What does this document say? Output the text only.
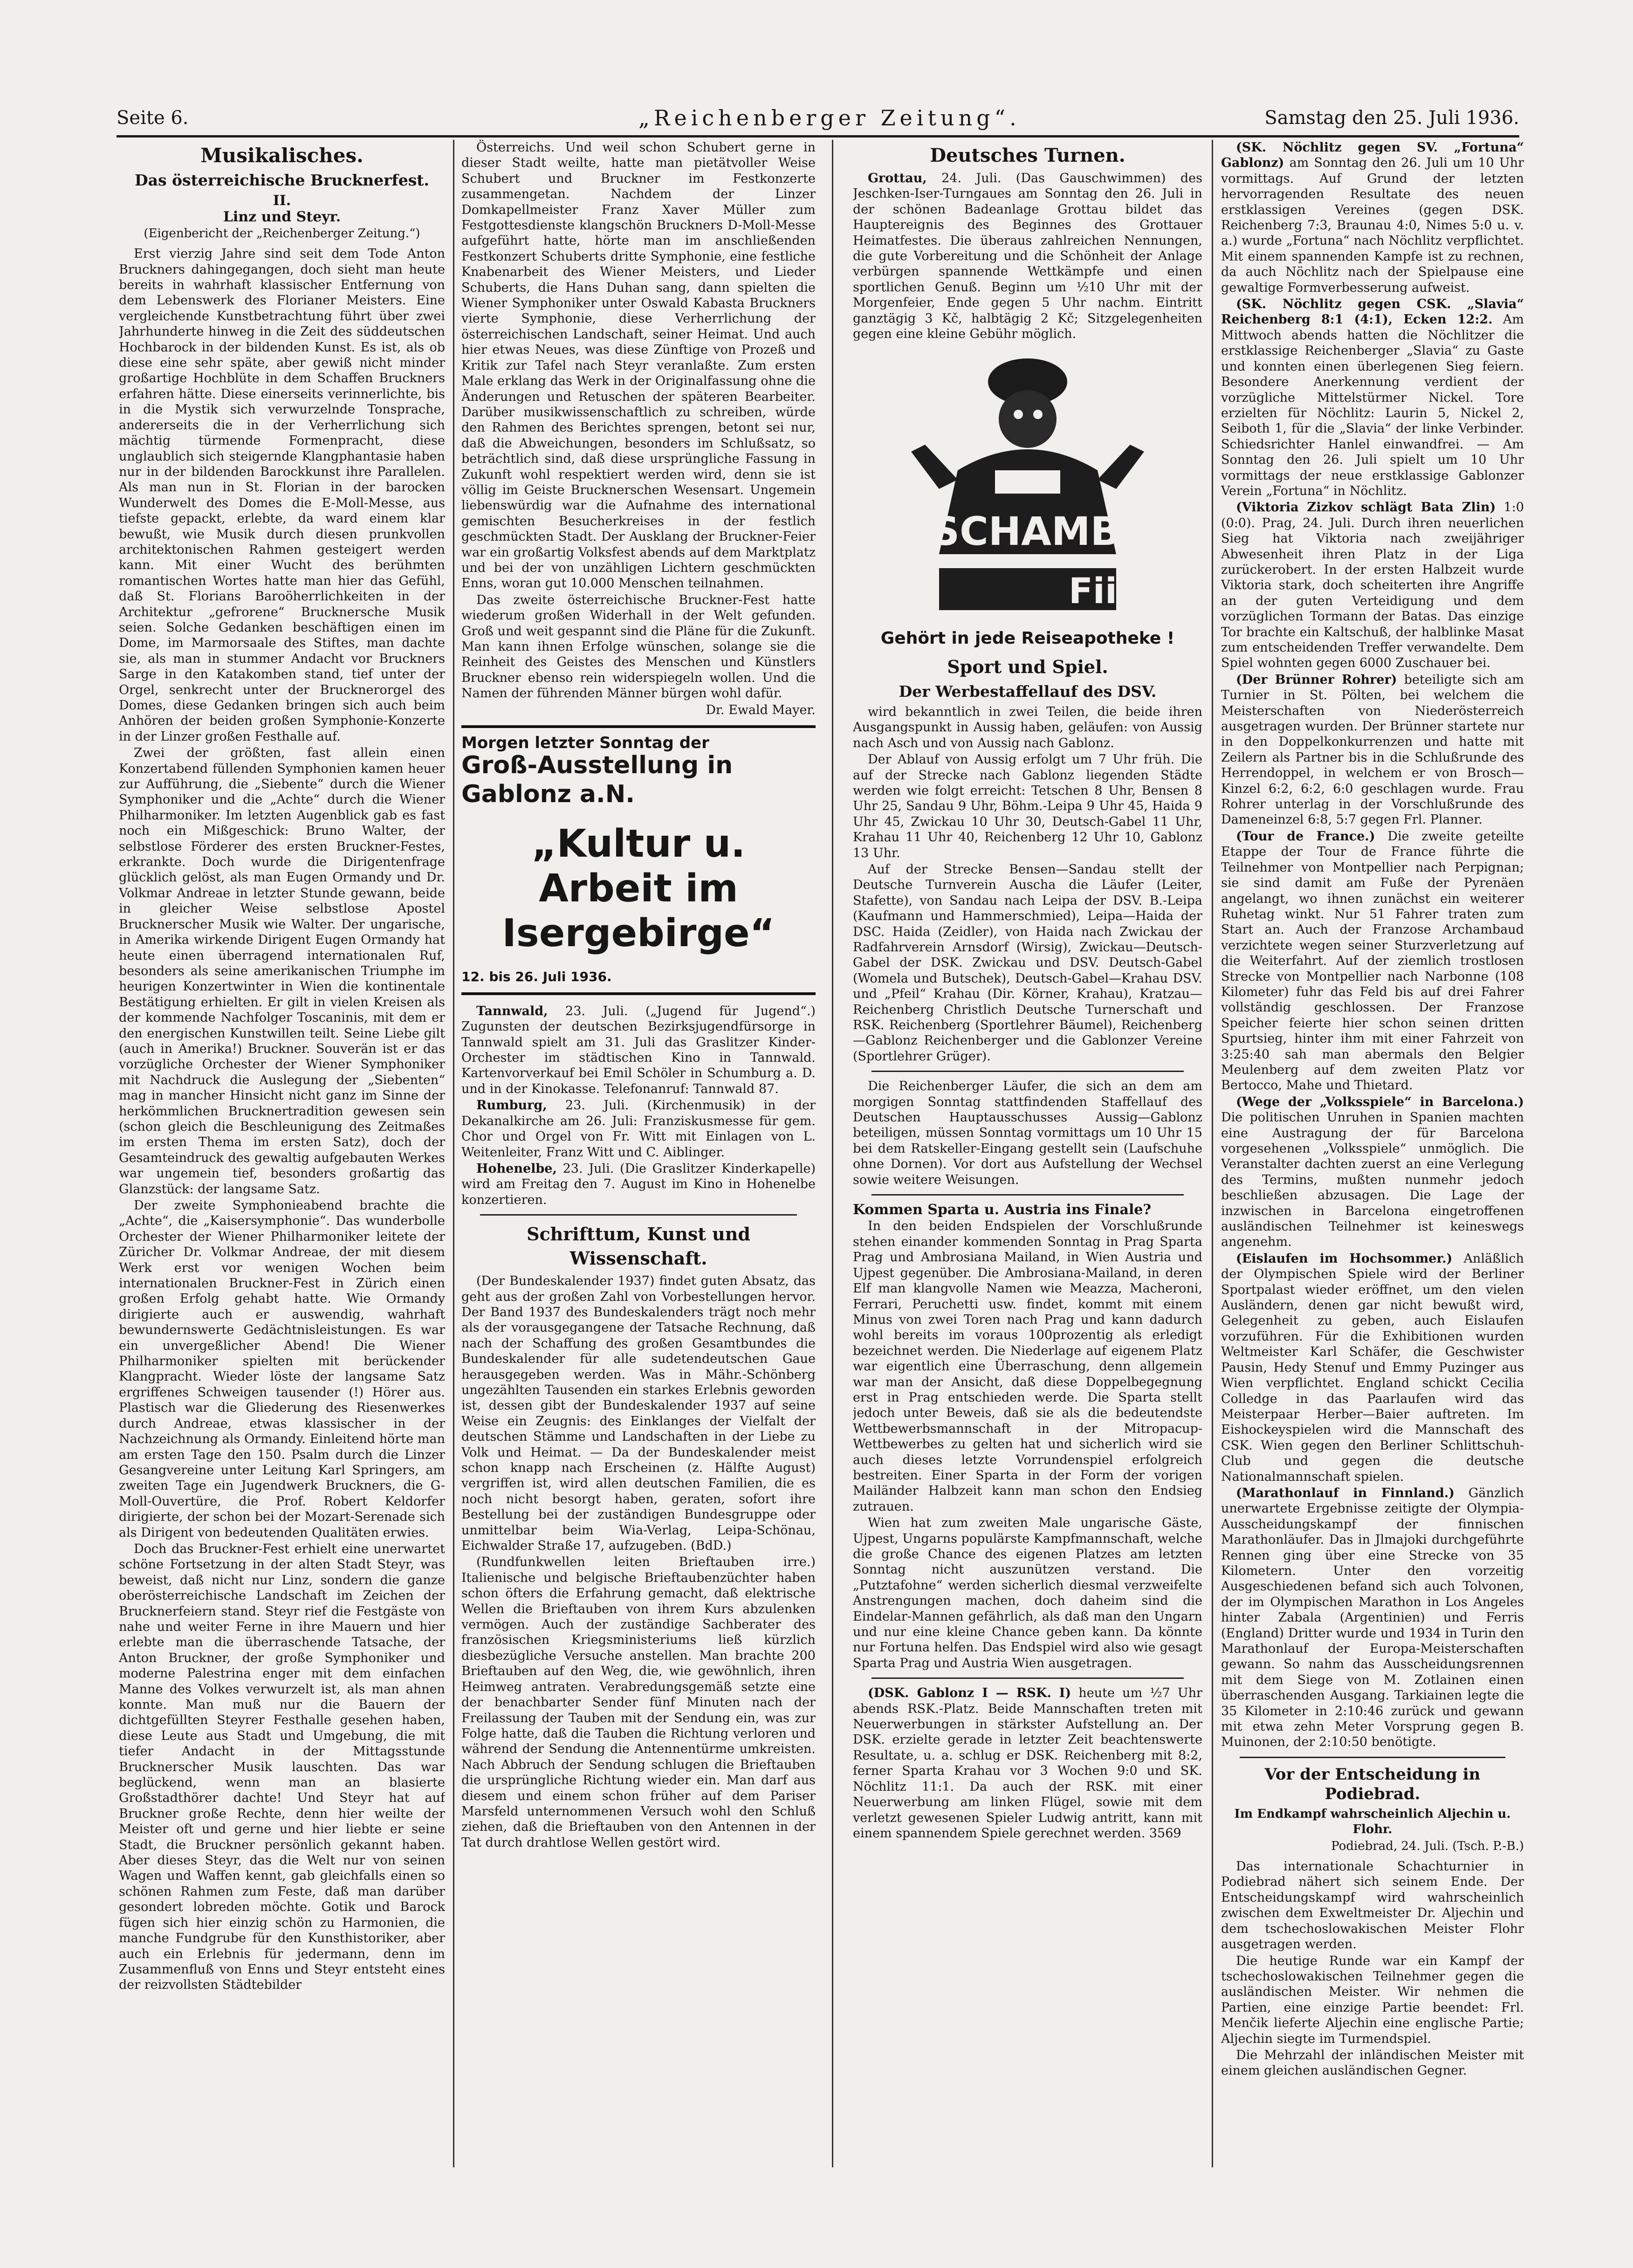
Seite 6.	„Reichenberger Zeitung“.	Samstag den 25. Juli 1936.
Musikalisches.
Das österreichische Brucknerfest.
II.
Linz und Steyr.
(Eigenbericht der „Reichenberger Zeitung.“)

Erst vierzig Jahre sind seit dem Tode Anton Bruckners dahingegangen, doch sieht man heute bereits in wahrhaft klassischer Entfernung von dem Lebenswerk des Florianer Meisters. Eine vergleichende Kunstbetrachtung führt über zwei Jahrhunderte hinweg in die Zeit des süddeutschen Hochbarock in der bildenden Kunst. Es ist, als ob diese eine sehr späte, aber gewiß nicht minder großartige Hochblüte in dem Schaffen Bruckners erfahren hätte. Diese einerseits verinnerlichte, bis in die Mystik sich verwurzelnde Tonsprache, andererseits die in der Verherrlichung sich mächtig türmende Formenpracht, diese unglaublich sich steigernde Klangphantasie haben nur in der bildenden Barockkunst ihre Parallelen. Als man nun in St. Florian in der barocken Wunderwelt des Domes die E-Moll-Messe, aus tiefste gepackt, erlebte, da ward einem klar bewußt, wie Musik durch diesen prunkvollen architektonischen Rahmen gesteigert werden kann. Mit einer Wucht des berühmten romantischen Wortes hatte man hier das Gefühl, daß St. Florians Baroöherrlichkeiten in der Architektur „gefrorene“ Brucknersche Musik seien. Solche Gedanken beschäftigen einen im Dome, im Marmorsaale des Stiftes, man dachte sie, als man in stummer Andacht vor Bruckners Sarge in den Katakomben stand, tief unter der Orgel, senkrecht unter der Brucknerorgel des Domes, diese Gedanken bringen sich auch beim Anhören der beiden großen Symphonie-Konzerte in der Linzer großen Festhalle auf.

Zwei der größten, fast allein einen Konzertabend füllenden Symphonien kamen heuer zur Aufführung, die „Siebente“ durch die Wiener Symphoniker und die „Achte“ durch die Wiener Philharmoniker. Im letzten Augenblick gab es fast noch ein Mißgeschick: Bruno Walter, der selbstlose Förderer des ersten Bruckner-Festes, erkrankte. Doch wurde die Dirigentenfrage glücklich gelöst, als man Eugen Ormandy und Dr. Volkmar Andreae in letzter Stunde gewann, beide in gleicher Weise selbstlose Apostel Brucknerscher Musik wie Walter. Der ungarische, in Amerika wirkende Dirigent Eugen Ormandy hat heute einen überragend internationalen Ruf, besonders als seine amerikanischen Triumphe im heurigen Konzertwinter in Wien die kontinentale Bestätigung erhielten. Er gilt in vielen Kreisen als der kommende Nachfolger Toscaninis, mit dem er den energischen Kunstwillen teilt. Seine Liebe gilt (auch in Amerika!) Bruckner. Souverän ist er das vorzügliche Orchester der Wiener Symphoniker mit Nachdruck die Auslegung der „Siebenten“ mag in mancher Hinsicht nicht ganz im Sinne der herkömmlichen Brucknertradition gewesen sein (schon gleich die Beschleunigung des Zeitmaßes im ersten Thema im ersten Satz), doch der Gesamteindruck des gewaltig aufgebauten Werkes war ungemein tief, besonders großartig das Glanzstück: der langsame Satz.

Der zweite Symphonieabend brachte die „Achte“, die „Kaisersymphonie“. Das wunderbolle Orchester der Wiener Philharmoniker leitete der Züricher Dr. Volkmar Andreae, der mit diesem Werk erst vor wenigen Wochen beim internationalen Bruckner-Fest in Zürich einen großen Erfolg gehabt hatte. Wie Ormandy dirigierte auch er auswendig, wahrhaft bewundernswerte Gedächtnisleistungen. Es war ein unvergeßlicher Abend! Die Wiener Philharmoniker spielten mit berückender Klangpracht. Wieder löste der langsame Satz ergriffenes Schweigen tausender (!) Hörer aus. Plastisch war die Gliederung des Riesenwerkes durch Andreae, etwas klassischer in der Nachzeichnung als Ormandy. Einleitend hörte man am ersten Tage den 150. Psalm durch die Linzer Gesangvereine unter Leitung Karl Springers, am zweiten Tage ein Jugendwerk Bruckners, die G-Moll-Ouvertüre, die Prof. Robert Keldorfer dirigierte, der schon bei der Mozart-Serenade sich als Dirigent von bedeutenden Qualitäten erwies.

Doch das Bruckner-Fest erhielt eine unerwartet schöne Fortsetzung in der alten Stadt Steyr, was beweist, daß nicht nur Linz, sondern die ganze oberösterreichische Landschaft im Zeichen der Brucknerfeiern stand. Steyr rief die Festgäste von nahe und weiter Ferne in ihre Mauern und hier erlebte man die überraschende Tatsache, der Anton Bruckner, der große Symphoniker und moderne Palestrina enger mit dem einfachen Manne des Volkes verwurzelt ist, als man ahnen konnte. Man muß nur die Bauern der dichtgefüllten Steyrer Festhalle gesehen haben, diese Leute aus Stadt und Umgebung, die mit tiefer Andacht in der Mittagsstunde Brucknerscher Musik lauschten. Das war beglückend, wenn man an blasierte Großstadthörer dachte! Und Steyr hat auf Bruckner große Rechte, denn hier weilte der Meister oft und gerne und hier liebte er seine Stadt, die Bruckner persönlich gekannt haben. Aber dieses Steyr, das die Welt nur von seinen Wagen und Waffen kennt, gab gleichfalls einen so schönen Rahmen zum Feste, daß man darüber gesondert lobreden möchte. Gotik und Barock fügen sich hier einzig schön zu Harmonien, die manche Fundgrube für den Kunsthistoriker, aber auch ein Erlebnis für jedermann, denn im Zusammenfluß von Enns und Steyr entsteht eines der reizvollsten Städtebilder

Österreichs. Und weil schon Schubert gerne in dieser Stadt weilte, hatte man pietätvoller Weise Schubert und Bruckner im Festkonzerte zusammengetan. Nachdem der Linzer Domkapellmeister Franz Xaver Müller zum Festgottesdienste klangschön Bruckners D-Moll-Messe aufgeführt hatte, hörte man im anschließenden Festkonzert Schuberts dritte Symphonie, eine festliche Knabenarbeit des Wiener Meisters, und Lieder Schuberts, die Hans Duhan sang, dann spielten die Wiener Symphoniker unter Oswald Kabasta Bruckners vierte Symphonie, diese Verherrlichung der österreichischen Landschaft, seiner Heimat. Und auch hier etwas Neues, was diese Zünftige von Prozeß und Kritik zur Tafel nach Steyr veranlaßte. Zum ersten Male erklang das Werk in der Originalfassung ohne die Änderungen und Retuschen der späteren Bearbeiter. Darüber musikwissenschaftlich zu schreiben, würde den Rahmen des Berichtes sprengen, betont sei nur, daß die Abweichungen, besonders im Schlußsatz, so beträchtlich sind, daß diese ursprüngliche Fassung in Zukunft wohl respektiert werden wird, denn sie ist völlig im Geiste Brucknerschen Wesensart. Ungemein liebenswürdig war die Aufnahme des international gemischten Besucherkreises in der festlich geschmückten Stadt. Der Ausklang der Bruckner-Feier war ein großartig Volksfest abends auf dem Marktplatz und bei der von unzähligen Lichtern geschmückten Enns, woran gut 10.000 Menschen teilnahmen.

Das zweite österreichische Bruckner-Fest hatte wiederum großen Widerhall in der Welt gefunden. Groß und weit gespannt sind die Pläne für die Zukunft. Man kann ihnen Erfolge wünschen, solange sie die Reinheit des Geistes des Menschen und Künstlers Bruckner ebenso rein widerspiegeln wollen. Und die Namen der führenden Männer bürgen wohl dafür.

Dr. Ewald Mayer.
Morgen letzter Sonntag der
Groß-Ausstellung in Gablonz a.N.
„Kultur u. Arbeit im Isergebirge“
12. bis 26. Juli 1936.

Tannwald, 23. Juli. („Jugend für Jugend“.) Zugunsten der deutschen Bezirksjugendfürsorge in Tannwald spielt am 31. Juli das Graslitzer Kinder-Orchester im städtischen Kino in Tannwald. Kartenvorverkauf bei Emil Schöler in Schumburg a. D. und in der Kinokasse. Telefonanruf: Tannwald 87.

Rumburg, 23. Juli. (Kirchenmusik) in der Dekanalkirche am 26. Juli: Franziskusmesse für gem. Chor und Orgel von Fr. Witt mit Einlagen von L. Weitenleiter, Franz Witt und C. Aiblinger.

Hohenelbe, 23. Juli. (Die Graslitzer Kinderkapelle) wird am Freitag den 7. August im Kino in Hohenelbe konzertieren.

Schrifttum, Kunst und Wissenschaft.

(Der Bundeskalender 1937) findet guten Absatz, das geht aus der großen Zahl von Vorbestellungen hervor. Der Band 1937 des Bundeskalenders trägt noch mehr als der vorausgegangene der Tatsache Rechnung, daß nach der Schaffung des großen Gesamtbundes die Bundeskalender für alle sudetendeutschen Gaue herausgegeben werden. Was in Mähr.-Schönberg ungezählten Tausenden ein starkes Erlebnis geworden ist, dessen gibt der Bundeskalender 1937 auf seine Weise ein Zeugnis: des Einklanges der Vielfalt der deutschen Stämme und Landschaften in der Liebe zu Volk und Heimat. — Da der Bundeskalender meist schon knapp nach Erscheinen (z. Hälfte August) vergriffen ist, wird allen deutschen Familien, die es noch nicht besorgt haben, geraten, sofort ihre Bestellung bei der zuständigen Bundesgruppe oder unmittelbar beim Wia-Verlag, Leipa-Schönau, Eichwalder Straße 17, aufzugeben. (BdD.)

(Rundfunkwellen leiten Brieftauben irre.) Italienische und belgische Brieftaubenzüchter haben schon öfters die Erfahrung gemacht, daß elektrische Wellen die Brieftauben von ihrem Kurs abzulenken vermögen. Auch der zuständige Sachberater des französischen Kriegsministeriums ließ kürzlich diesbezügliche Versuche anstellen. Man brachte 200 Brieftauben auf den Weg, die, wie gewöhnlich, ihren Heimweg antraten. Verabredungsgemäß setzte eine der benachbarter Sender fünf Minuten nach der Freilassung der Tauben mit der Sendung ein, was zur Folge hatte, daß die Tauben die Richtung verloren und während der Sendung die Antennentürme umkreisten. Nach Abbruch der Sendung schlugen die Brieftauben die ursprüngliche Richtung wieder ein. Man darf aus diesem und einem schon früher auf dem Pariser Marsfeld unternommenen Versuch wohl den Schluß ziehen, daß die Brieftauben von den Antennen in der Tat durch drahtlose Wellen gestört wird.

Deutsches Turnen.

Grottau, 24. Juli. (Das Gauschwimmen) des Jeschken-Iser-Turngaues am Sonntag den 26. Juli in der schönen Badeanlage Grottau bildet das Hauptereignis des Beginnes des Grottauer Heimatfestes. Die überaus zahlreichen Nennungen, die gute Vorbereitung und die Schönheit der Anlage verbürgen spannende Wettkämpfe und einen sportlichen Genuß. Beginn um ½10 Uhr mit der Morgenfeier, Ende gegen 5 Uhr nachm. Eintritt ganztägig 3 Kč, halbtägig 2 Kč; Sitzgelegenheiten gegen eine kleine Gebühr möglich.

TSCHAMBA
Fii
Gehört in jede Reiseapotheke !
Sport und Spiel.
Der Werbestaffellauf des DSV.

wird bekanntlich in zwei Teilen, die beide ihren Ausgangspunkt in Aussig haben, geläufen: von Aussig nach Asch und von Aussig nach Gablonz.

Der Ablauf von Aussig erfolgt um 7 Uhr früh. Die auf der Strecke nach Gablonz liegenden Städte werden wie folgt erreicht: Tetschen 8 Uhr, Bensen 8 Uhr 25, Sandau 9 Uhr, Böhm.-Leipa 9 Uhr 45, Haida 9 Uhr 45, Zwickau 10 Uhr 30, Deutsch-Gabel 11 Uhr, Krahau 11 Uhr 40, Reichenberg 12 Uhr 10, Gablonz 13 Uhr.

Auf der Strecke Bensen—Sandau stellt der Deutsche Turnverein Auscha die Läufer (Leiter, Stafette), von Sandau nach Leipa der DSV. B.-Leipa (Kaufmann und Hammerschmied), Leipa—Haida der DSC. Haida (Zeidler), von Haida nach Zwickau der Radfahrverein Arnsdorf (Wirsig), Zwickau—Deutsch-Gabel der DSK. Zwickau und DSV. Deutsch-Gabel (Womela und Butschek), Deutsch-Gabel—Krahau DSV. und „Pfeil“ Krahau (Dir. Körner, Krahau), Kratzau—Reichenberg Christlich Deutsche Turnerschaft und RSK. Reichenberg (Sportlehrer Bäumel), Reichenberg—Gablonz Reichenberger und die Gablonzer Vereine (Sportlehrer Grüger).

Die Reichenberger Läufer, die sich an dem am morgigen Sonntag stattfindenden Staffellauf des Deutschen Hauptausschusses Aussig—Gablonz beteiligen, müssen Sonntag vormittags um 10 Uhr 15 bei dem Ratskeller-Eingang gestellt sein (Laufschuhe ohne Dornen). Vor dort aus Aufstellung der Wechsel sowie weitere Weisungen.

Kommen Sparta u. Austria ins Finale?

In den beiden Endspielen der Vorschlußrunde stehen einander kommenden Sonntag in Prag Sparta Prag und Ambrosiana Mailand, in Wien Austria und Ujpest gegenüber. Die Ambrosiana-Mailand, in deren Elf man klangvolle Namen wie Meazza, Macheroni, Ferrari, Peruchetti usw. findet, kommt mit einem Minus von zwei Toren nach Prag und kann dadurch wohl bereits im voraus 100prozentig als erledigt bezeichnet werden. Die Niederlage auf eigenem Platz war eigentlich eine Überraschung, denn allgemein war man der Ansicht, daß diese Doppelbegegnung erst in Prag entschieden werde. Die Sparta stellt jedoch unter Beweis, daß sie als die bedeutendste Wettbewerbsmannschaft in der Mitropacup-Wettbewerbes zu gelten hat und sicherlich wird sie auch dieses letzte Vorrundenspiel erfolgreich bestreiten. Einer Sparta in der Form der vorigen Mailänder Halbzeit kann man schon den Endsieg zutrauen.

Wien hat zum zweiten Male ungarische Gäste, Ujpest, Ungarns populärste Kampfmannschaft, welche die große Chance des eigenen Platzes am letzten Sonntag nicht auszunützen verstand. Die „Putztafohne“ werden sicherlich diesmal verzweifelte Anstrengungen machen, doch daheim sind die Eindelar-Mannen gefährlich, als daß man den Ungarn und nur eine kleine Chance geben kann. Da könnte nur Fortuna helfen. Das Endspiel wird also wie gesagt Sparta Prag und Austria Wien ausgetragen.

(DSK. Gablonz I — RSK. I) heute um ½7 Uhr abends RSK.-Platz. Beide Mannschaften treten mit Neuerwerbungen in stärkster Aufstellung an. Der DSK. erzielte gerade in letzter Zeit beachtenswerte Resultate, u. a. schlug er DSK. Reichenberg mit 8:2, ferner Sparta Krahau vor 3 Wochen 9:0 und SK. Nöchlitz 11:1. Da auch der RSK. mit einer Neuerwerbung am linken Flügel, sowie mit dem verletzt gewesenen Spieler Ludwig antritt, kann mit einem spannendem Spiele gerechnet werden. 3569

(SK. Nöchlitz gegen SV. „Fortuna“ Gablonz) am Sonntag den 26. Juli um 10 Uhr vormittags. Auf Grund der letzten hervorragenden Resultate des neuen erstklassigen Vereines (gegen DSK. Reichenberg 7:3, Braunau 4:0, Nimes 5:0 u. v. a.) wurde „Fortuna“ nach Nöchlitz verpflichtet. Mit einem spannenden Kampfe ist zu rechnen, da auch Nöchlitz nach der Spielpause eine gewaltige Formverbesserung aufweist.

(SK. Nöchlitz gegen CSK. „Slavia“ Reichenberg 8:1 (4:1), Ecken 12:2. Am Mittwoch abends hatten die Nöchlitzer die erstklassige Reichenberger „Slavia“ zu Gaste und konnten einen überlegenen Sieg feiern. Besondere Anerkennung verdient der vorzügliche Mittelstürmer Nickel. Tore erzielten für Nöchlitz: Laurin 5, Nickel 2, Seiboth 1, für die „Slavia“ der linke Verbinder. Schiedsrichter Hanlel einwandfrei. — Am Sonntag den 26. Juli spielt um 10 Uhr vormittags der neue erstklassige Gablonzer Verein „Fortuna“ in Nöchlitz.

(Viktoria Zizkov schlägt Bata Zlin) 1:0 (0:0). Prag, 24. Juli. Durch ihren neuerlichen Sieg hat Viktoria nach zweijähriger Abwesenheit ihren Platz in der Liga zurückerobert. In der ersten Halbzeit wurde Viktoria stark, doch scheiterten ihre Angriffe an der guten Verteidigung und dem vorzüglichen Tormann der Batas. Das einzige Tor brachte ein Kaltschuß, der halblinke Masat zum entscheidenden Treffer verwandelte. Dem Spiel wohnten gegen 6000 Zuschauer bei.

(Der Brünner Rohrer) beteiligte sich am Turnier in St. Pölten, bei welchem die Meisterschaften von Niederösterreich ausgetragen wurden. Der Brünner startete nur in den Doppelkonkurrenzen und hatte mit Zeilern als Partner bis in die Schlußrunde des Herrendoppel, in welchem er von Brosch—Kinzel 6:2, 6:2, 6:0 geschlagen wurde. Frau Rohrer unterlag in der Vorschlußrunde des Dameneinzel 6:8, 5:7 gegen Frl. Planner.

(Tour de France.) Die zweite geteilte Etappe der Tour de France führte die Teilnehmer von Montpellier nach Perpignan; sie sind damit am Fuße der Pyrenäen angelangt, wo ihnen zunächst ein weiterer Ruhetag winkt. Nur 51 Fahrer traten zum Start an. Auch der Franzose Archambaud verzichtete wegen seiner Sturzverletzung auf die Weiterfahrt. Auf der ziemlich trostlosen Strecke von Montpellier nach Narbonne (108 Kilometer) fuhr das Feld bis auf drei Fahrer vollständig geschlossen. Der Franzose Speicher feierte hier schon seinen dritten Spurtsieg, hinter ihm mit einer Fahrzeit von 3:25:40 sah man abermals den Belgier Meulenberg auf dem zweiten Platz vor Bertocco, Mahe und Thietard.

(Wege der „Volksspiele“ in Barcelona.) Die politischen Unruhen in Spanien machten eine Austragung der für Barcelona vorgesehenen „Volksspiele“ unmöglich. Die Veranstalter dachten zuerst an eine Verlegung des Termins, mußten nunmehr jedoch beschließen abzusagen. Die Lage der inzwischen in Barcelona eingetroffenen ausländischen Teilnehmer ist keineswegs angenehm.

(Eislaufen im Hochsommer.) Anläßlich der Olympischen Spiele wird der Berliner Sportpalast wieder eröffnet, um den vielen Ausländern, denen gar nicht bewußt wird, Gelegenheit zu geben, auch Eislaufen vorzuführen. Für die Exhibitionen wurden Weltmeister Karl Schäfer, die Geschwister Pausin, Hedy Stenuf und Emmy Puzinger aus Wien verpflichtet. England schickt Cecilia Colledge in das Paarlaufen wird das Meisterpaar Herber—Baier auftreten. Im Eishockeyspielen wird die Mannschaft des CSK. Wien gegen den Berliner Schlittschuh-Club und gegen die deutsche Nationalmannschaft spielen.

(Marathonlauf in Finnland.) Gänzlich unerwartete Ergebnisse zeitigte der Olympia-Ausscheidungskampf der finnischen Marathonläufer. Das in Jlmajoki durchgeführte Rennen ging über eine Strecke von 35 Kilometern. Unter den vorzeitig Ausgeschiedenen befand sich auch Tolvonen, der im Olympischen Marathon in Los Angeles hinter Zabala (Argentinien) und Ferris (England) Dritter wurde und 1934 in Turin den Marathonlauf der Europa-Meisterschaften gewann. So nahm das Ausscheidungsrennen mit dem Siege von M. Zotlainen einen überraschenden Ausgang. Tarkiainen legte die 35 Kilometer in 2:10:46 zurück und gewann mit etwa zehn Meter Vorsprung gegen B. Muinonen, der 2:10:50 benötigte.

Vor der Entscheidung in Podiebrad.
Im Endkampf wahrscheinlich Aljechin u. Flohr.
Podiebrad, 24. Juli. (Tsch. P.-B.)

Das internationale Schachturnier in Podiebrad nähert sich seinem Ende. Der Entscheidungskampf wird wahrscheinlich zwischen dem Exweltmeister Dr. Aljechin und dem tschechoslowakischen Meister Flohr ausgetragen werden.

Die heutige Runde war ein Kampf der tschechoslowakischen Teilnehmer gegen die ausländischen Meister. Wir nehmen die Partien, eine einzige Partie beendet: Frl. Menčik lieferte Aljechin eine englische Partie; Aljechin siegte im Turmendspiel.

Die Mehrzahl der inländischen Meister mit einem gleichen ausländischen Gegner.
